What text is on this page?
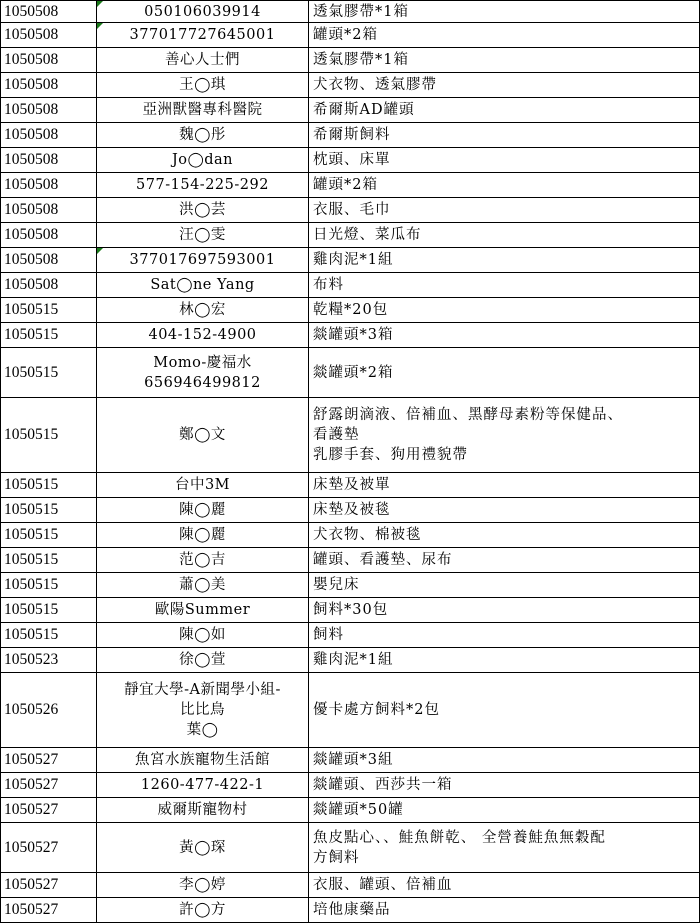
1050508	050106039914	透氣膠帶*1箱

1050508	377017727645001	罐頭*2箱

1050508	善心人士們	透氣膠帶*1箱

1050508	王◯琪	犬衣物、透氣膠帶

1050508	亞洲獸醫專科醫院	希爾斯AD罐頭

1050508	魏◯彤	希爾斯飼料

1050508	Jo◯dan	枕頭、床單

1050508	577-154-225-292	罐頭*2箱

1050508	洪◯芸	衣服、毛巾

1050508	汪◯雯	日光燈、菜瓜布

1050508	377017697593001	雞肉泥*1組

1050508	Sat◯ne Yang	布料

1050515	林◯宏	乾糧*20包

1050515	404-152-4900	燚罐頭*3箱

1050515	Momo-慶福水
656946499812	燚罐頭*2箱

1050515	鄭◯文	舒露朗滴液、倍補血、黑酵母素粉等保健品、
看護墊
乳膠手套、狗用禮貌帶

1050515	台中3M	床墊及被單

1050515	陳◯麗	床墊及被毯

1050515	陳◯麗	犬衣物、棉被毯

1050515	范◯吉	罐頭、看護墊、尿布

1050515	蕭◯美	嬰兒床

1050515	歐陽Summer	飼料*30包

1050515	陳◯如	飼料

1050523	徐◯萱	雞肉泥*1組

1050526	靜宜大學-A新聞學小組-
比比鳥
葉◯	優卡處方飼料*2包

1050527	魚宮水族寵物生活館	燚罐頭*3組

1050527	1260-477-422-1	燚罐頭、西莎共一箱

1050527	威爾斯寵物村	燚罐頭*50罐

1050527	黃◯琛	魚皮點心、、鮭魚餅乾、 全營養鮭魚無穀配
方飼料

1050527	李◯婷	衣服、罐頭、倍補血

1050527	許◯方	培他康藥品
